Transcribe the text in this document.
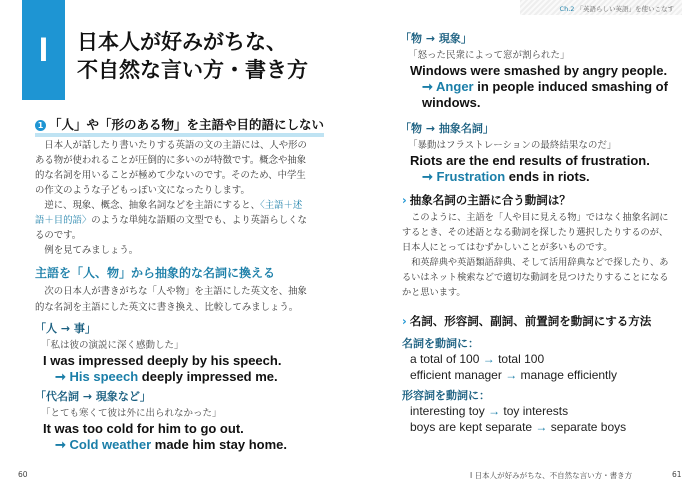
I 日本人が好みがちな、
不自然な言い方・書き方
1 「人」や「形のある物」を主語や目的語にしない

日本人が話したり書いたりする英語の文の主語には、人や形のある物が使われることが圧倒的に多いのが特徴です。概念や抽象的な名詞を用いることが極めて少ないのです。そのため、中学生の作文のような子どもっぽい文になったりします。

逆に、現象、概念、抽象名詞などを主語にすると、〈主語＋述語＋目的語〉のような単純な語順の文型でも、より英語らしくなるのです。

例を見てみましょう。

主語を「人、物」から抽象的な名詞に換える

次の日本人が書きがちな「人や物」を主語にした英文を、抽象的な名詞を主語にした英文に書き換え、比較してみましょう。

「人 → 事」
「私は彼の演説に深く感動した」
I was impressed deeply by his speech.
➞ His speech deeply impressed me.
「代名詞 → 現象など」
「とても寒くて彼は外に出られなかった」
It was too cold for him to go out.
➞ Cold weather made him stay home.
60
Ch.2 「英語らしい英語」を使いこなす
「物 → 現象」
「怒った民衆によって窓が割られた」
Windows were smashed by angry people.
➞ Anger in people induced smashing of windows.
「物 → 抽象名詞」
「暴動はフラストレーションの最終結果なのだ」
Riots are the end results of frustration.
➞ Frustration ends in riots.
› 抽象名詞の主語に合う動詞は？

このように、主語を「人や目に見える物」ではなく抽象名詞にするとき、その述語となる動詞を探したり選択したりするのが、日本人にとってはむずかしいことが多いものです。

和英辞典や英語類語辞典、そして活用辞典などで探したり、あるいはネット検索などで適切な動詞を見つけたりすることになるかと思います。

› 名詞、形容詞、副詞、前置詞を動詞にする方法
名詞を動詞に：
a total of 100 → total 100
efficient manager → manage efficiently
形容詞を動詞に：
interesting toy → toy interests
boys are kept separate → separate boys
I 日本人が好みがちな、不自然な言い方・書き方	61
